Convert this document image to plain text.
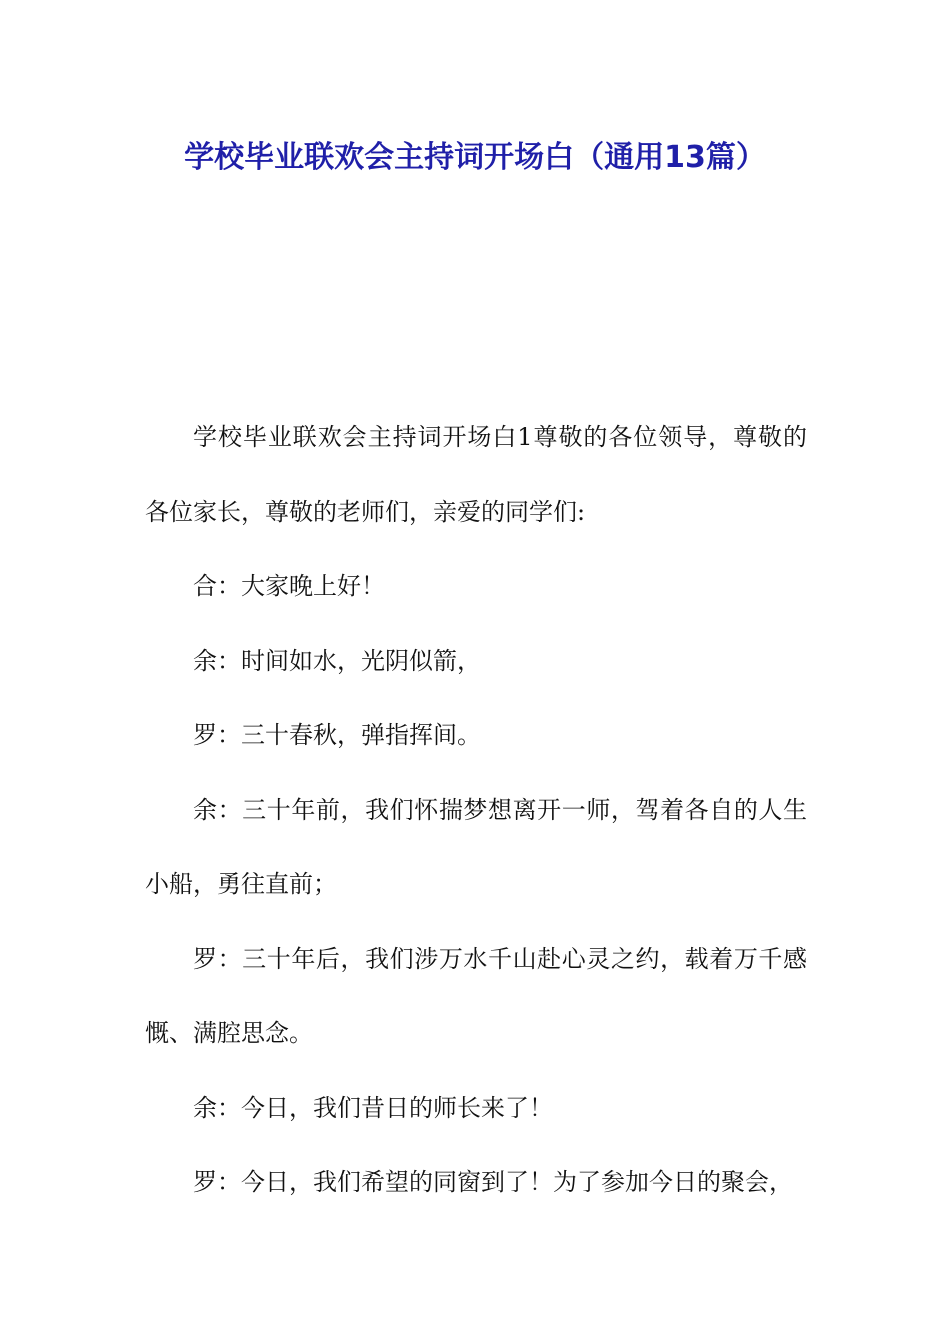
学校毕业联欢会主持词开场白（通用13篇）

学校毕业联欢会主持词开场白1尊敬的各位领导，尊敬的各位家长，尊敬的老师们，亲爱的同学们:

合：大家晚上好！

余：时间如水，光阴似箭，

罗：三十春秋，弹指挥间。

余：三十年前，我们怀揣梦想离开一师，驾着各自的人生小船，勇往直前；

罗：三十年后，我们涉万水千山赴心灵之约，载着万千感慨、满腔思念。

余：今日，我们昔日的师长来了！

罗：今日，我们希望的同窗到了！为了参加今日的聚会，
